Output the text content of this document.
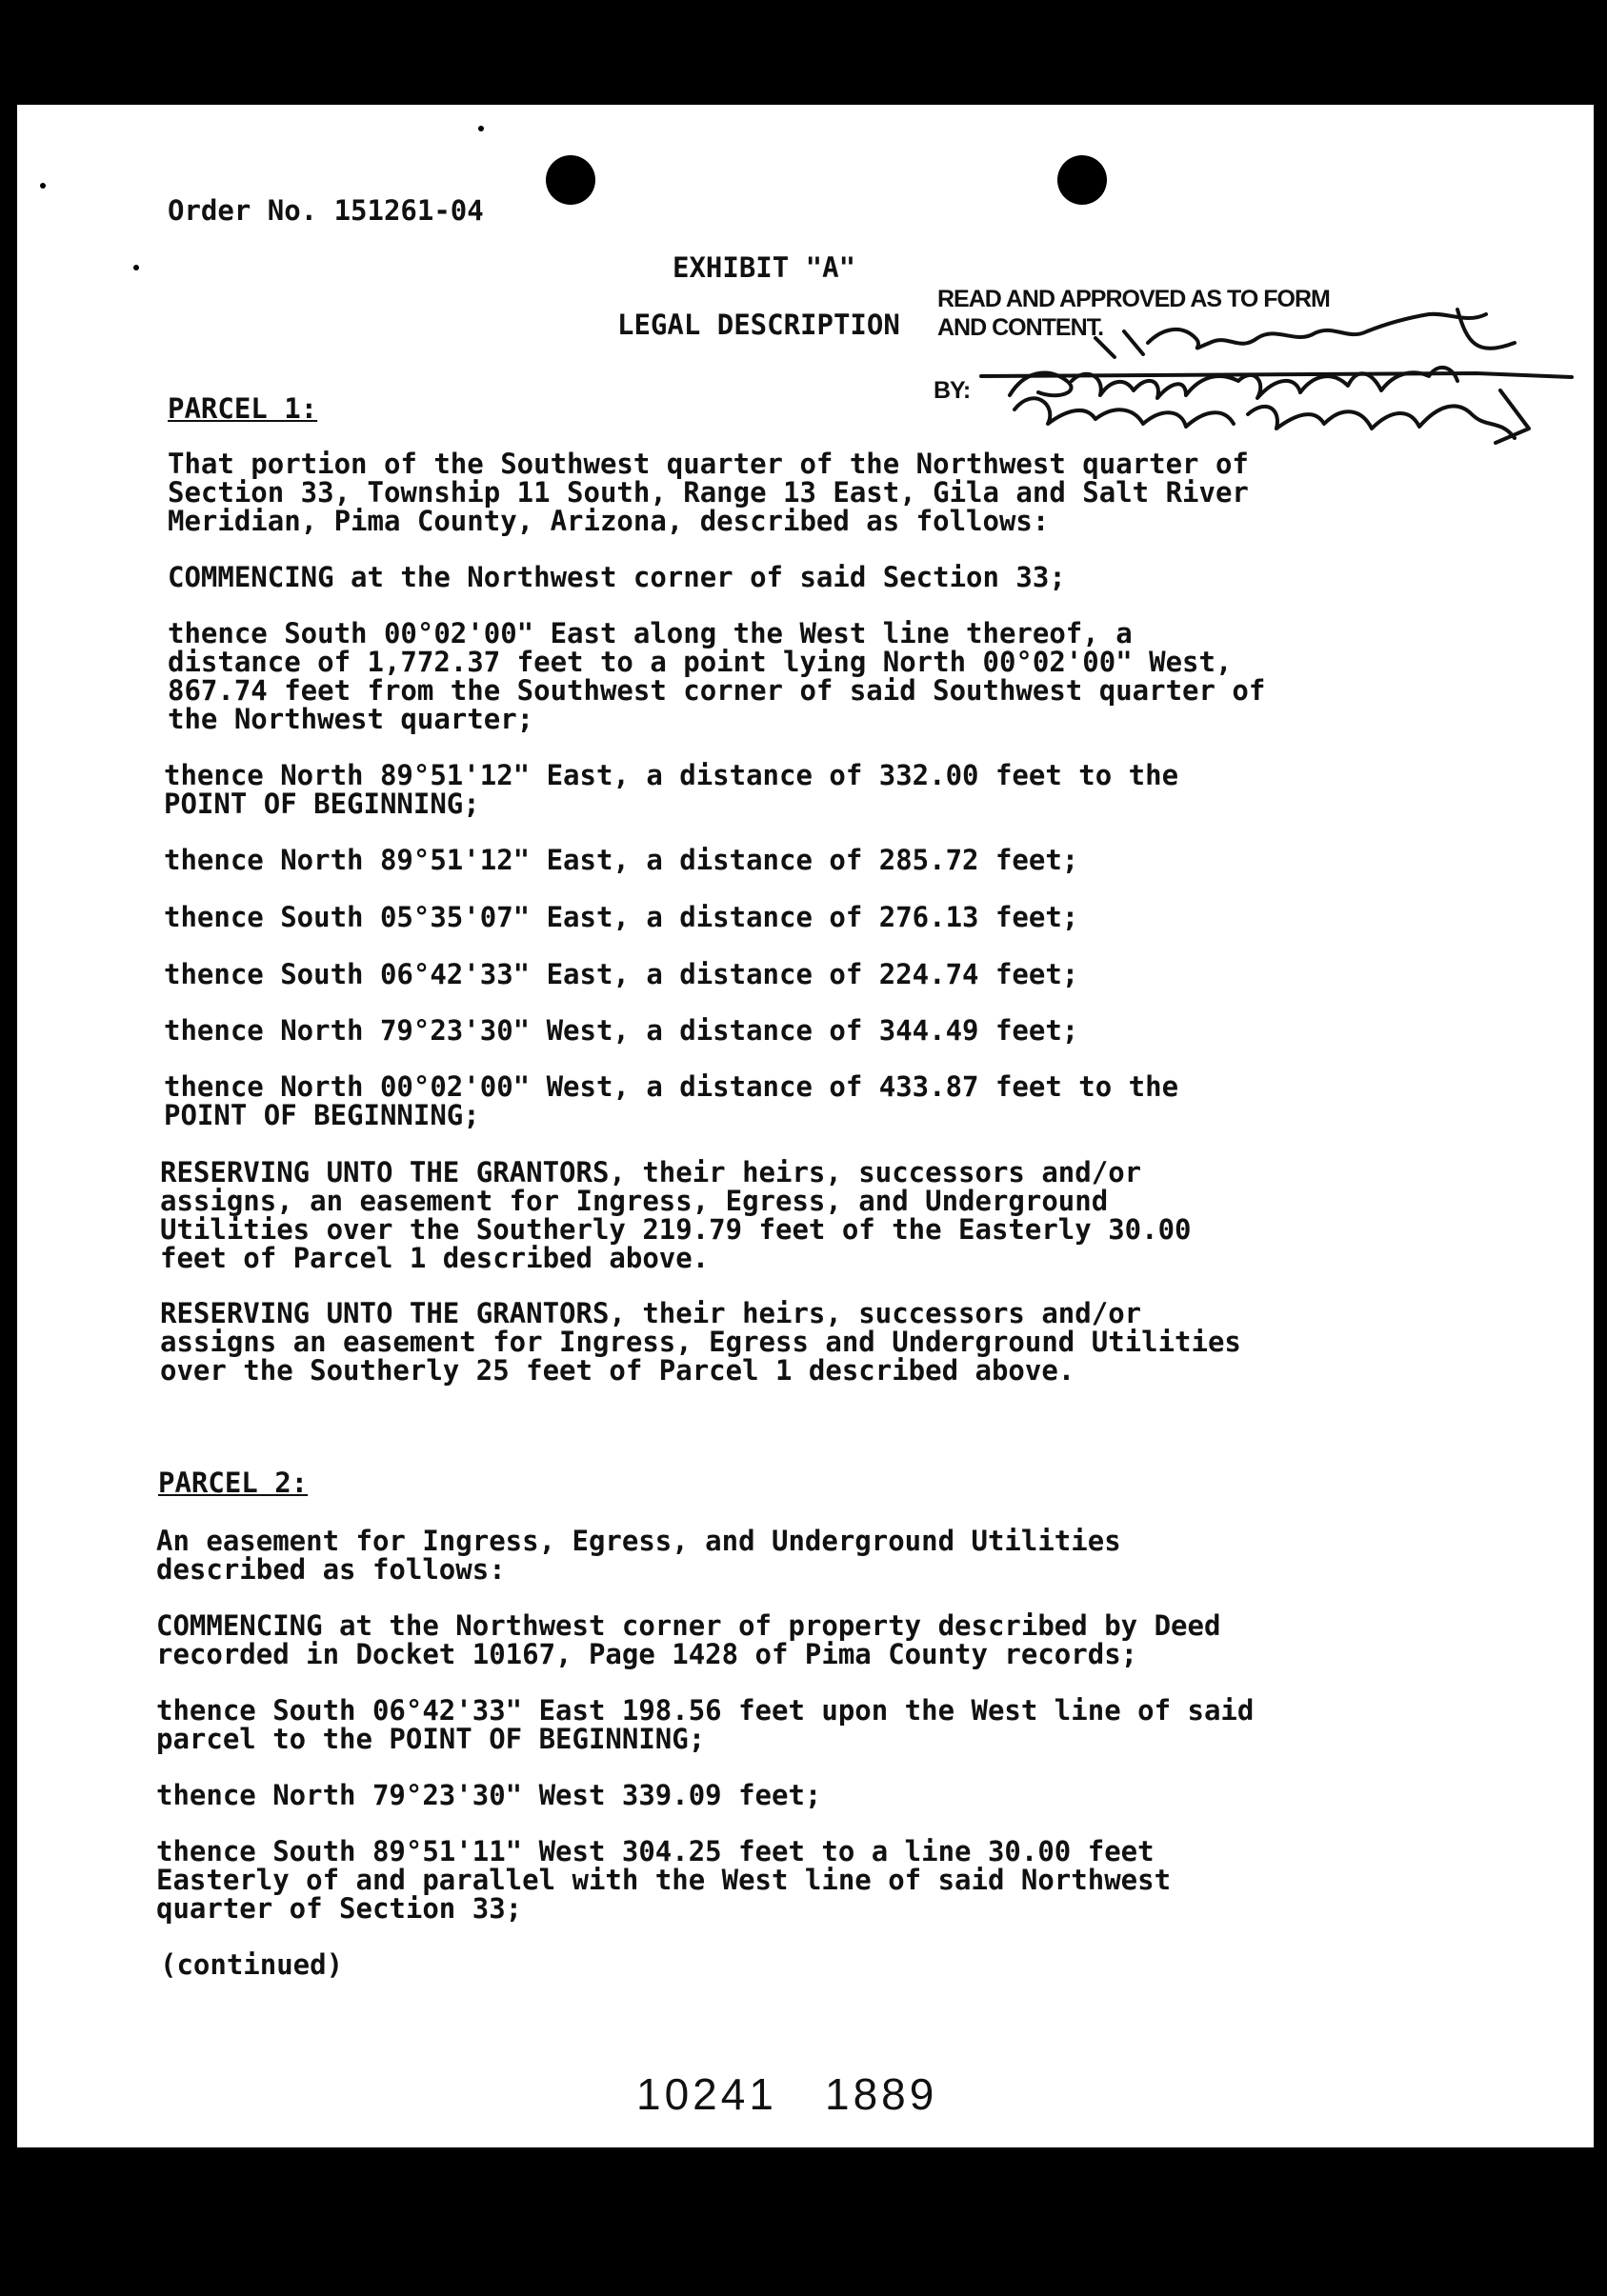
Order No. 151261-04

EXHIBIT "A"

LEGAL DESCRIPTION

READ AND APPROVED AS TO FORM

AND CONTENT.

BY:

PARCEL 1:

That portion of the Southwest quarter of the Northwest quarter of
Section 33, Township 11 South, Range 13 East, Gila and Salt River
Meridian, Pima County, Arizona, described as follows:

COMMENCING at the Northwest corner of said Section 33;

thence South 00°02'00" East along the West line thereof, a
distance of 1,772.37 feet to a point lying North 00°02'00" West,
867.74 feet from the Southwest corner of said Southwest quarter of
the Northwest quarter;

thence North 89°51'12" East, a distance of 332.00 feet to the
POINT OF BEGINNING;

thence North 89°51'12" East, a distance of 285.72 feet;

thence South 05°35'07" East, a distance of 276.13 feet;

thence South 06°42'33" East, a distance of 224.74 feet;

thence North 79°23'30" West, a distance of 344.49 feet;

thence North 00°02'00" West, a distance of 433.87 feet to the
POINT OF BEGINNING;

RESERVING UNTO THE GRANTORS, their heirs, successors and/or
assigns, an easement for Ingress, Egress, and Underground
Utilities over the Southerly 219.79 feet of the Easterly 30.00
feet of Parcel 1 described above.

RESERVING UNTO THE GRANTORS, their heirs, successors and/or
assigns an easement for Ingress, Egress and Underground Utilities
over the Southerly 25 feet of Parcel 1 described above.

PARCEL 2:

An easement for Ingress, Egress, and Underground Utilities
described as follows:

COMMENCING at the Northwest corner of property described by Deed
recorded in Docket 10167, Page 1428 of Pima County records;

thence South 06°42'33" East 198.56 feet upon the West line of said
parcel to the POINT OF BEGINNING;

thence North 79°23'30" West 339.09 feet;

thence South 89°51'11" West 304.25 feet to a line 30.00 feet
Easterly of and parallel with the West line of said Northwest
quarter of Section 33;

(continued)

10241 1889
